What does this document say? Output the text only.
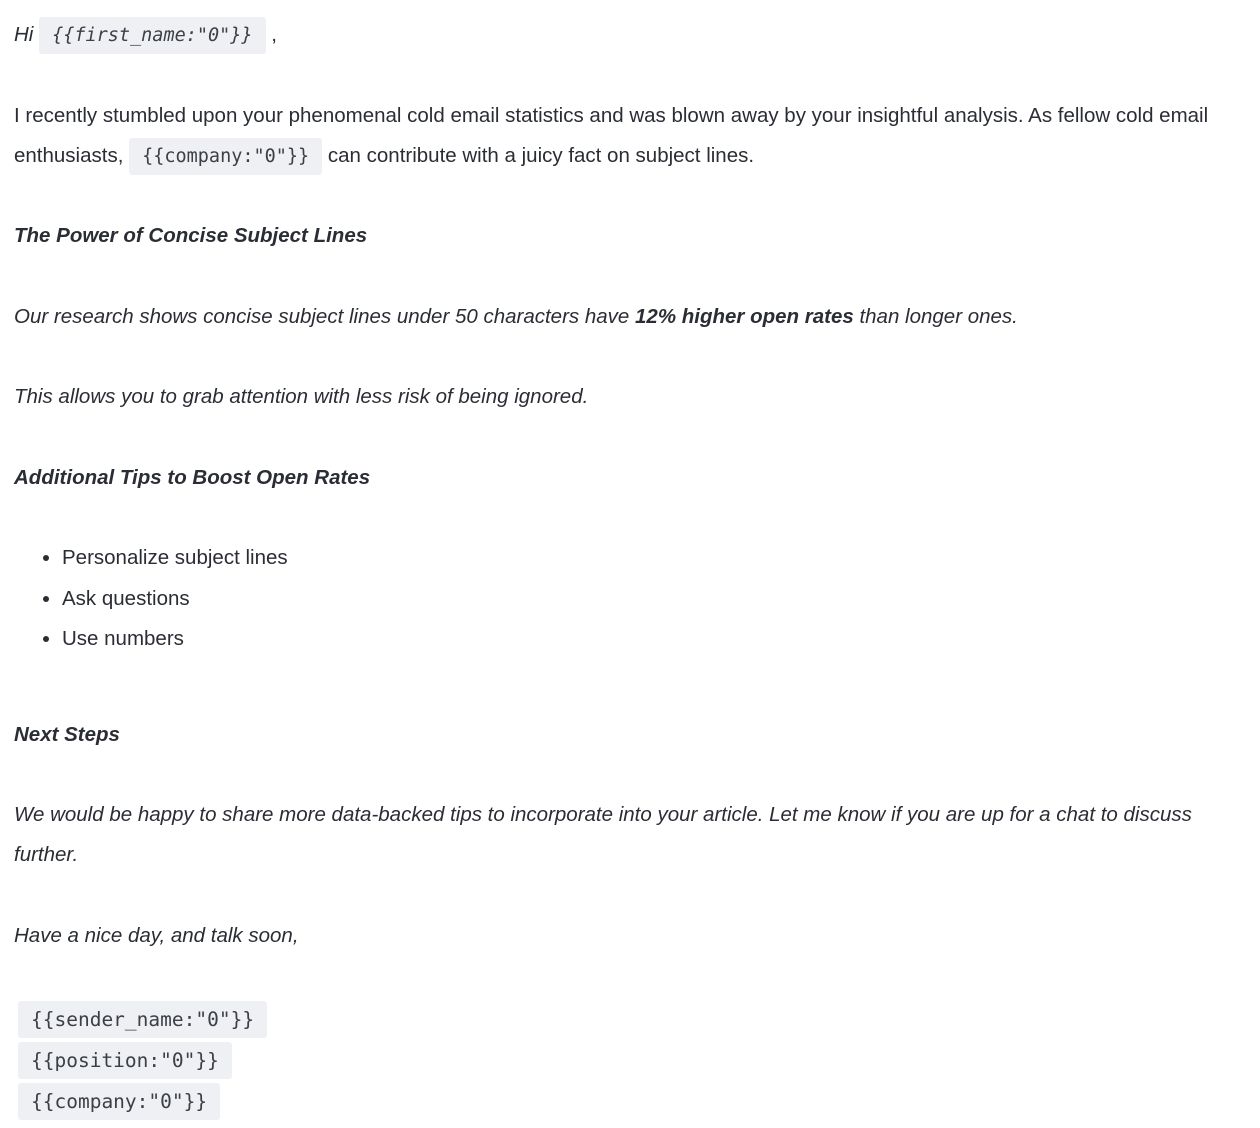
Hi {{first_name:"0"}} ,

I recently stumbled upon your phenomenal cold email statistics and was blown away by your insightful analysis. As fellow cold email enthusiasts, {{company:"0"}} can contribute with a juicy fact on subject lines.

The Power of Concise Subject Lines

Our research shows concise subject lines under 50 characters have 12% higher open rates than longer ones.

This allows you to grab attention with less risk of being ignored.

Additional Tips to Boost Open Rates

• Personalize subject lines
• Ask questions
• Use numbers

Next Steps

We would be happy to share more data-backed tips to incorporate into your article. Let me know if you are up for a chat to discuss further.

Have a nice day, and talk soon,

{{sender_name:"0"}}
{{position:"0"}}
{{company:"0"}}
